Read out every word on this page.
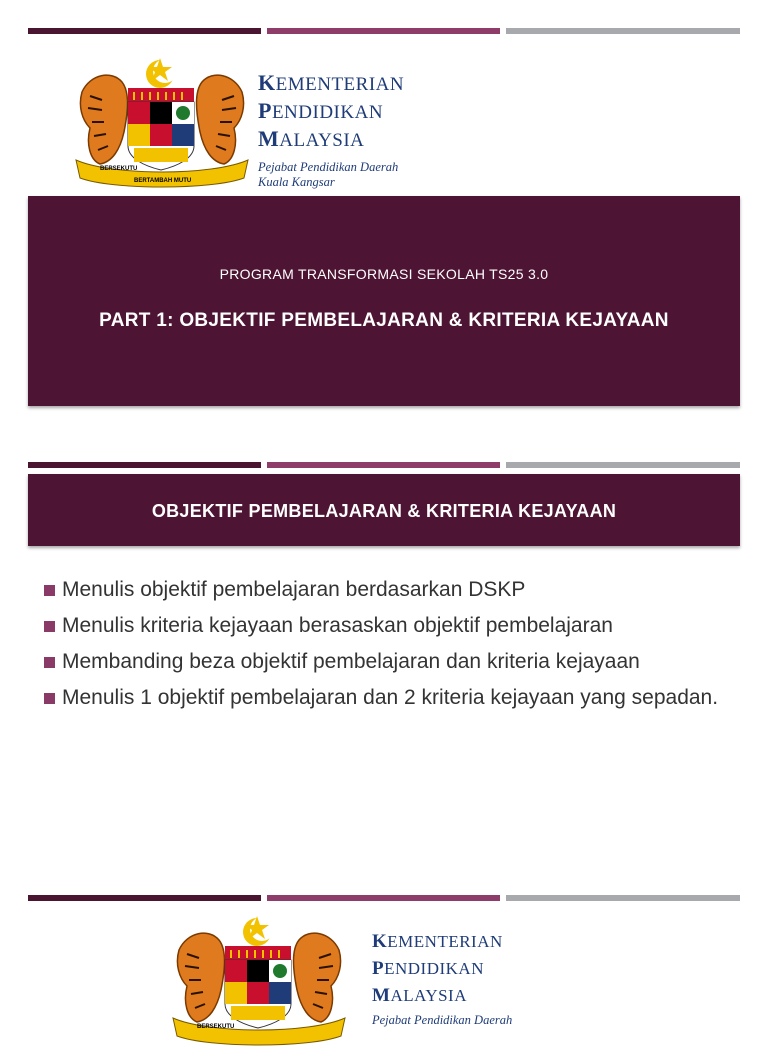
BERSEKUTU
BERTAMBAH MUTU
KEMENTERIAN
PENDIDIKAN
MALAYSIA
Pejabat Pendidikan Daerah
Kuala Kangsar
PROGRAM TRANSFORMASI SEKOLAH TS25 3.0
PART 1: OBJEKTIF PEMBELAJARAN & KRITERIA KEJAYAAN
OBJEKTIF PEMBELAJARAN & KRITERIA KEJAYAAN
Menulis objektif pembelajaran berdasarkan DSKP
Menulis kriteria kejayaan berasaskan objektif pembelajaran
Membanding beza objektif pembelajaran dan kriteria kejayaan
Menulis 1 objektif pembelajaran dan 2 kriteria kejayaan yang sepadan.
BERSEKUTU
KEMENTERIAN
PENDIDIKAN
MALAYSIA
Pejabat Pendidikan Daerah
